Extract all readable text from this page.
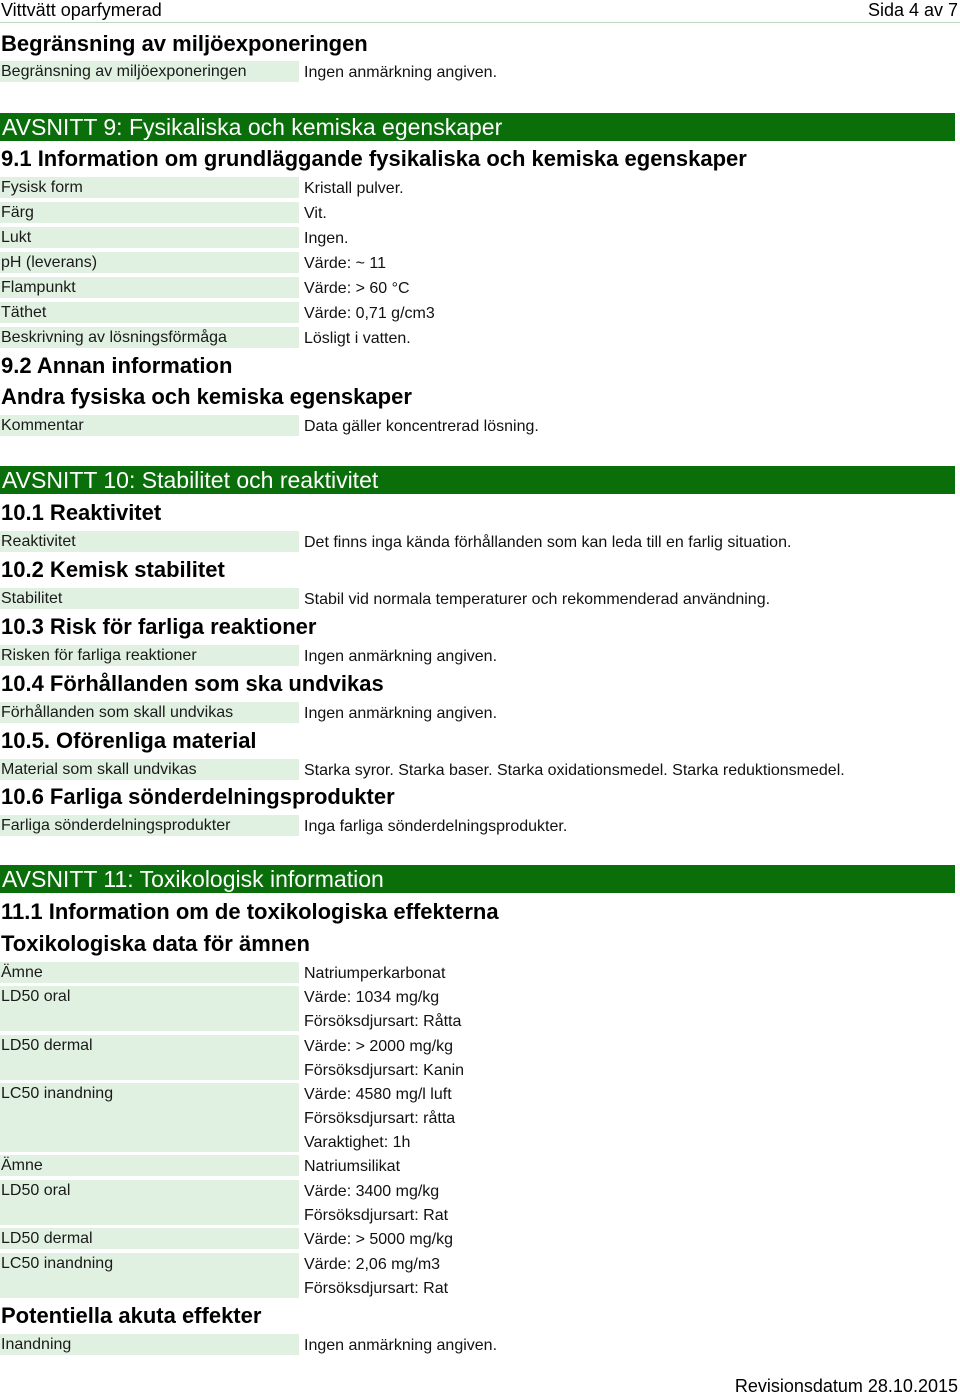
Vittvätt oparfymerad	Sida 4 av 7
Begränsning av miljöexponeringen
Begränsning av miljöexponeringen	Ingen anmärkning angiven.
AVSNITT 9: Fysikaliska och kemiska egenskaper
9.1 Information om grundläggande fysikaliska och kemiska egenskaper
Fysisk form	Kristall pulver.
Färg	Vit.
Lukt	Ingen.
pH (leverans)	Värde: ~ 11
Flampunkt	Värde: > 60 °C
Täthet	Värde: 0,71 g/cm3
Beskrivning av lösningsförmåga	Lösligt i vatten.
9.2 Annan information
Andra fysiska och kemiska egenskaper
Kommentar	Data gäller koncentrerad lösning.
AVSNITT 10: Stabilitet och reaktivitet
10.1 Reaktivitet
Reaktivitet	Det finns inga kända förhållanden som kan leda till en farlig situation.
10.2 Kemisk stabilitet
Stabilitet	Stabil vid normala temperaturer och rekommenderad användning.
10.3 Risk för farliga reaktioner
Risken för farliga reaktioner	Ingen anmärkning angiven.
10.4 Förhållanden som ska undvikas
Förhållanden som skall undvikas	Ingen anmärkning angiven.
10.5. Oförenliga material
Material som skall undvikas	Starka syror. Starka baser. Starka oxidationsmedel. Starka reduktionsmedel.
10.6 Farliga sönderdelningsprodukter
Farliga sönderdelningsprodukter	Inga farliga sönderdelningsprodukter.
AVSNITT 11: Toxikologisk information
11.1 Information om de toxikologiska effekterna
Toxikologiska data för ämnen
Ämne	Natriumperkarbonat
LD50 oral	Värde: 1034 mg/kg
Försöksdjursart: Råtta
LD50 dermal	Värde: > 2000 mg/kg
Försöksdjursart: Kanin
LC50 inandning	Värde: 4580 mg/l luft
Försöksdjursart: råtta
Varaktighet: 1h
Ämne	Natriumsilikat
LD50 oral	Värde: 3400 mg/kg
Försöksdjursart: Rat
LD50 dermal	Värde: > 5000 mg/kg
LC50 inandning	Värde: 2,06 mg/m3
Försöksdjursart: Rat
Potentiella akuta effekter
Inandning	Ingen anmärkning angiven.
Revisionsdatum 28.10.2015
